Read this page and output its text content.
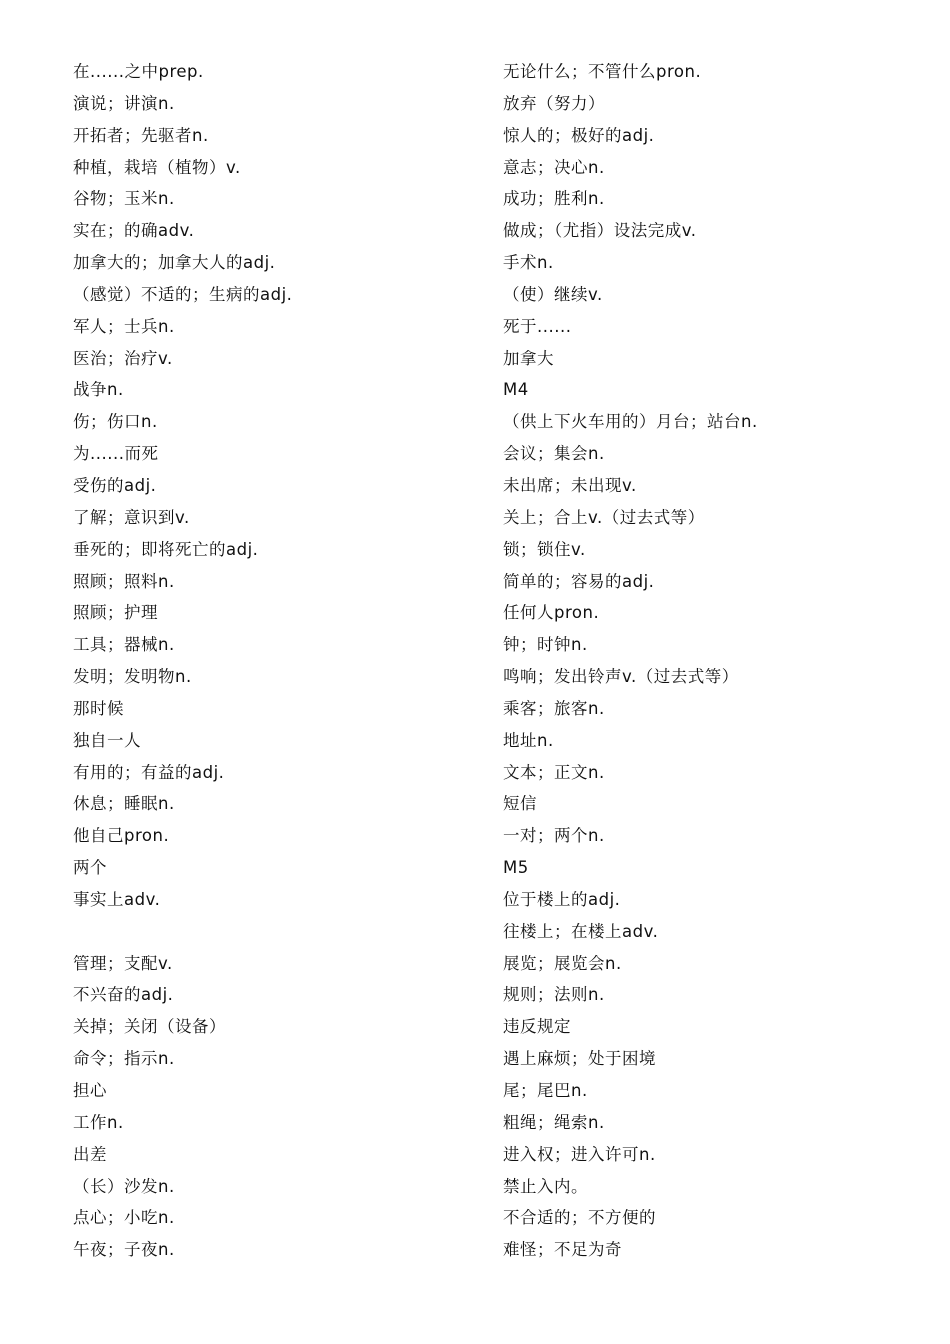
在......之中prep.
演说；讲演n.
开拓者；先驱者n.
种植，栽培（植物）v.
谷物；玉米n.
实在；的确adv.
加拿大的；加拿大人的adj.
（感觉）不适的；生病的adj.
军人；士兵n.
医治；治疗v.
战争n.
伤；伤口n.
为......而死
受伤的adj.
了解；意识到v.
垂死的；即将死亡的adj.
照顾；照料n.
照顾；护理
工具；器械n.
发明；发明物n.
那时候
独自一人
有用的；有益的adj.
休息；睡眠n.
他自己pron.
两个
事实上adv.
管理；支配v.
不兴奋的adj.
关掉；关闭（设备）
命令；指示n.
担心
工作n.
出差
（长）沙发n.
点心；小吃n.
午夜；子夜n.
无论什么；不管什么pron.
放弃（努力）
惊人的；极好的adj.
意志；决心n.
成功；胜利n.
做成；（尤指）设法完成v.
手术n.
（使）继续v.
死于......
加拿大
M4
（供上下火车用的）月台；站台n.
会议；集会n.
未出席；未出现v.
关上；合上v.（过去式等）
锁；锁住v.
简单的；容易的adj.
任何人pron.
钟；时钟n.
鸣响；发出铃声v.（过去式等）
乘客；旅客n.
地址n.
文本；正文n.
短信
一对；两个n.
M5
位于楼上的adj.
往楼上；在楼上adv.
展览；展览会n.
规则；法则n.
违反规定
遇上麻烦；处于困境
尾；尾巴n.
粗绳；绳索n.
进入权；进入许可n.
禁止入内。
不合适的；不方便的
难怪；不足为奇
